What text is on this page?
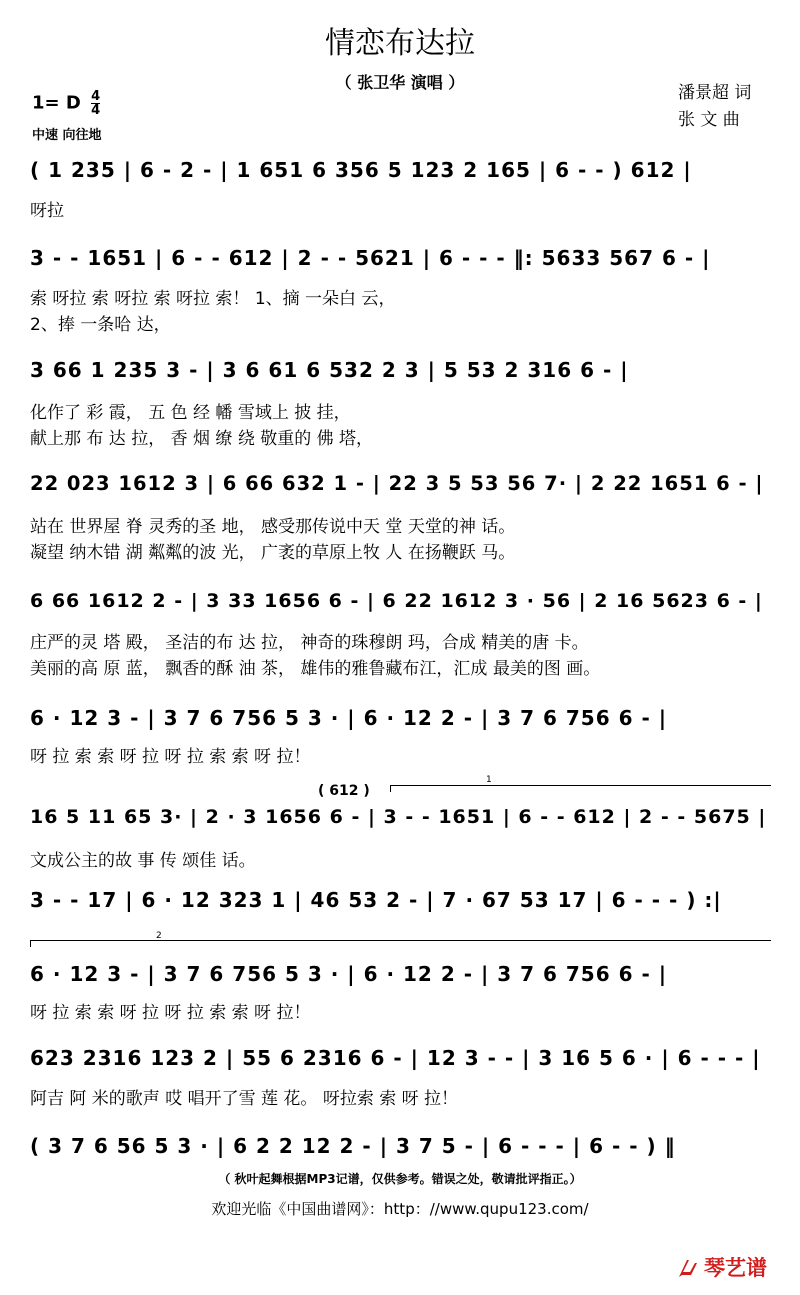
情恋布达拉
（ 张卫华 演唱 ）
潘景超 词
张 文 曲
1= D $\frac{4}{4}$
中速 向往地
( 1 235 | 6 - 2 - | 1 651 6 356 5 123 2 165 | 6 - - ) 612 |
呀拉
3 - - 1651 | 6 - - 612 | 2 - - 5621 | 6 - - - ‖: 5633 567 6 - |
索 呀拉 索 呀拉 索 呀拉 索！ 1、摘 一朵白 云，
2、捧 一条哈 达，
3 66 1 235 3 - | 3 6 61 6 532 2 3 | 5 53 2 316 6 - |
化作了 彩 霞， 五 色 经 幡 雪域上 披 挂，
献上那 布 达 拉， 香 烟 缭 绕 敬重的 佛 塔，
22 023 1612 3 | 6 66 632 1 - | 22 3 5 53 56 7· | 2 22 1651 6 - |
站在 世界屋 脊 灵秀的圣 地， 感受那传说中天 堂 天堂的神 话。
凝望 纳木错 湖 粼粼的波 光， 广袤的草原上牧 人 在扬鞭跃 马。
6 66 1612 2 - | 3 33 1656 6 - | 6 22 1612 3 · 56 | 2 16 5623 6 - |
庄严的灵 塔 殿， 圣洁的布 达 拉， 神奇的珠穆朗 玛，合成 精美的唐 卡。
美丽的高 原 蓝， 飘香的酥 油 茶， 雄伟的雅鲁藏布江，汇成 最美的图 画。
6 · 12 3 - | 3 7 6 756 5 3 · | 6 · 12 2 - | 3 7 6 756 6 - |
呀 拉 索 索 呀 拉 呀 拉 索 索 呀 拉！
( 612 )
1
16 5 11 65 3· | 2 · 3 1656 6 - | 3 - - 1651 | 6 - - 612 | 2 - - 5675 |
文成公主的故 事 传 颂佳 话。
3 - - 17 | 6 · 12 323 1 | 46 53 2 - | 7 · 67 53 17 | 6 - - - ) :|
2
6 · 12 3 - | 3 7 6 756 5 3 · | 6 · 12 2 - | 3 7 6 756 6 - |
呀 拉 索 索 呀 拉 呀 拉 索 索 呀 拉！
623 2316 123 2 | 55 6 2316 6 - | 12 3 - - | 3 16 5 6 · | 6 - - - |
阿吉 阿 米的歌声 哎 唱开了雪 莲 花。 呀拉索 索 呀 拉！
( 3 7 6 56 5 3 · | 6 2 2 12 2 - | 3 7 5 - | 6 - - - | 6 - - ) ‖
（ 秋叶起舞根据MP3记谱，仅供参考。错误之处，敬请批评指正。）
欢迎光临《中国曲谱网》：http：//www.qupu123.com/
琴艺谱
